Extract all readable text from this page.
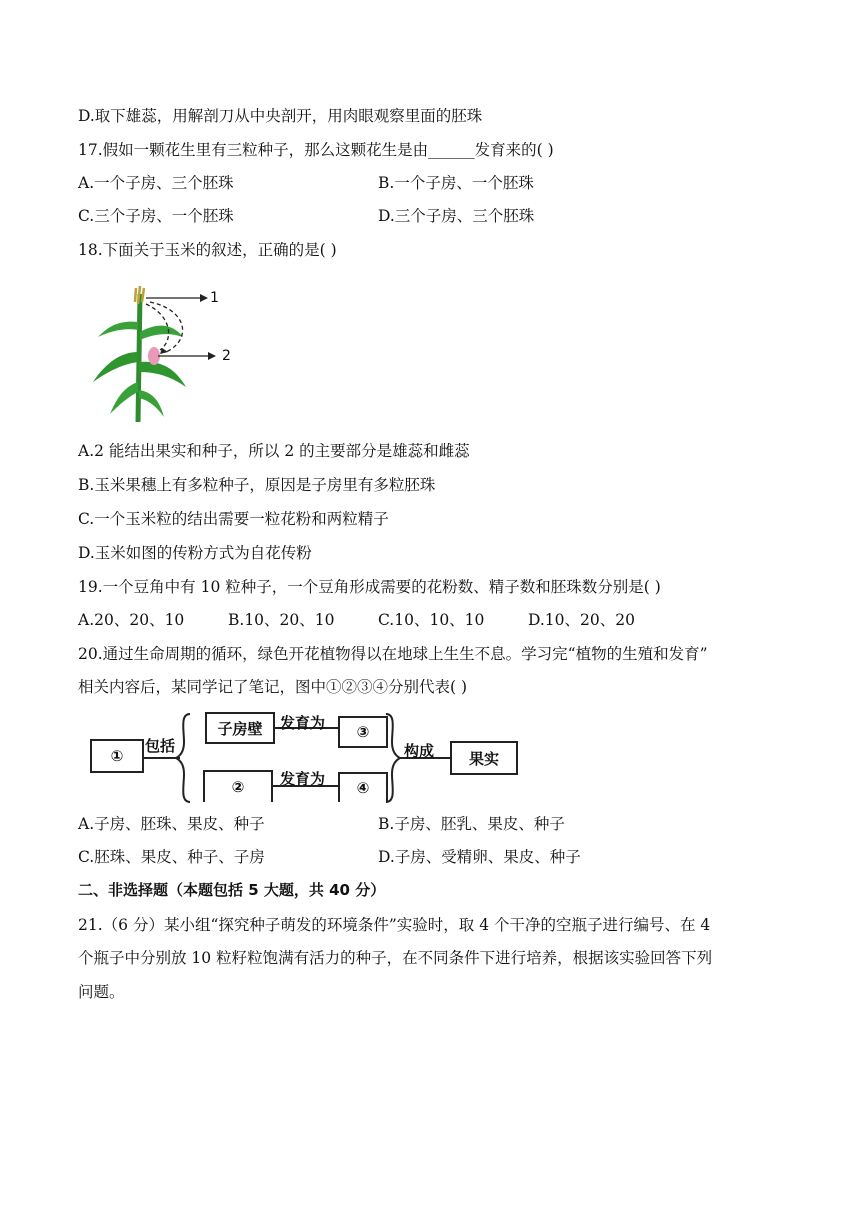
D.取下雄蕊，用解剖刀从中央剖开，用肉眼观察里面的胚珠
17.假如一颗花生里有三粒种子，那么这颗花生是由______发育来的( )
A.一个子房、三个胚珠	B.一个子房、一个胚珠
C.三个子房、一个胚珠	D.三个子房、三个胚珠
18.下面关于玉米的叙述，正确的是( )
1
2
A.2 能结出果实和种子，所以 2 的主要部分是雄蕊和雌蕊
B.玉米果穗上有多粒种子，原因是子房里有多粒胚珠
C.一个玉米粒的结出需要一粒花粉和两粒精子
D.玉米如图的传粉方式为自花传粉
19.一个豆角中有 10 粒种子，一个豆角形成需要的花粉数、精子数和胚珠数分别是( )
A.20、20、10	B.10、20、10	C.10、10、10	D.10、20、20
20.通过生命周期的循环，绿色开花植物得以在地球上生生不息。学习完“植物的生殖和发育”
相关内容后，某同学记了笔记，图中①②③④分别代表( )
①
包括
子房壁	发育为	③
②	发育为	④
构成	果实
A.子房、胚珠、果皮、种子	B.子房、胚乳、果皮、种子
C.胚珠、果皮、种子、子房	D.子房、受精卵、果皮、种子
二、非选择题（本题包括 5 大题，共 40 分）
21.（6 分）某小组“探究种子萌发的环境条件”实验时，取 4 个干净的空瓶子进行编号、在 4
个瓶子中分别放 10 粒籽粒饱满有活力的种子，在不同条件下进行培养，根据该实验回答下列
问题。
